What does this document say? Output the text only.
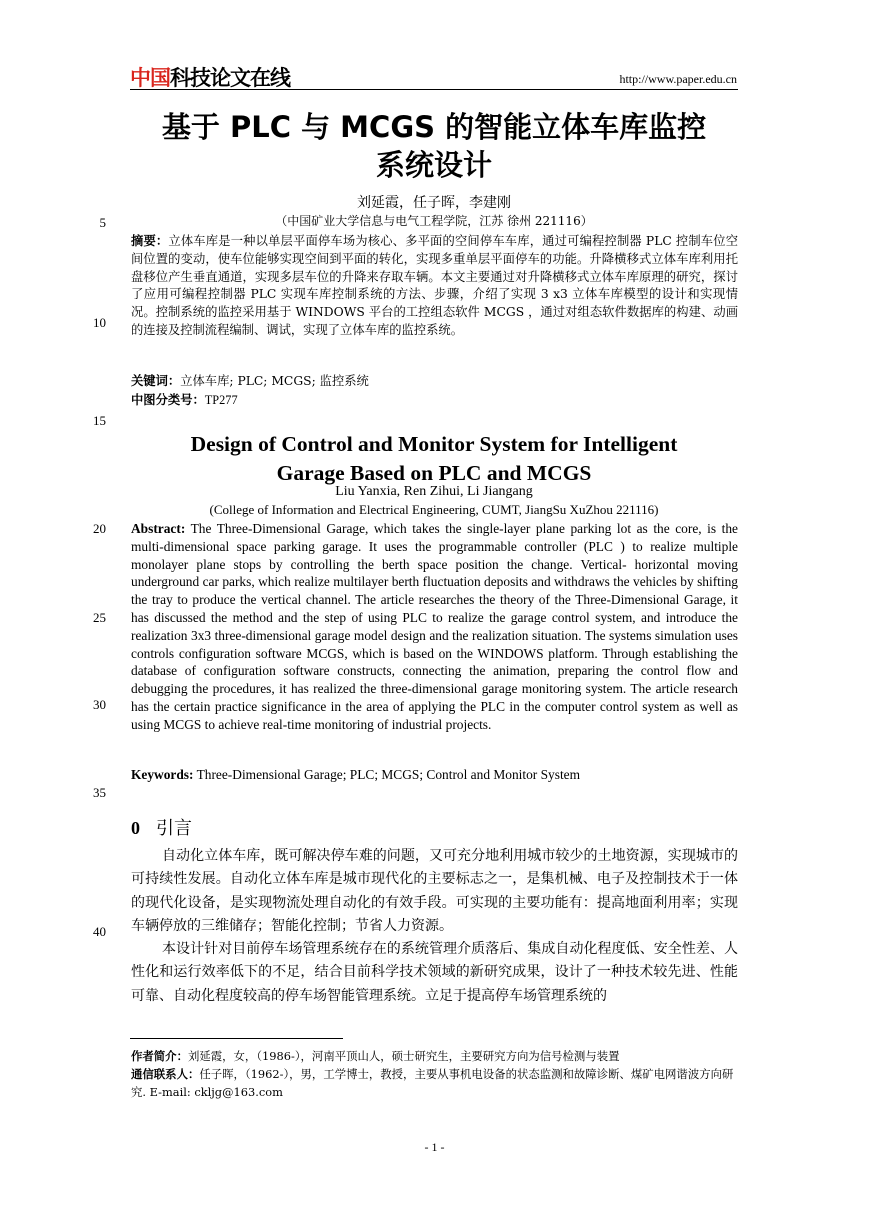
中国科技论文在线	http://www.paper.edu.cn
基于 PLC 与 MCGS 的智能立体车库监控
系统设计
刘延霞，任子晖，李建刚
（中国矿业大学信息与电气工程学院，江苏 徐州 221116）
摘要：立体车库是一种以单层平面停车场为核心、多平面的空间停车车库，通过可编程控制器 PLC 控制车位空间位置的变动，使车位能够实现空间到平面的转化，实现多重单层平面停车的功能。升降横移式立体车库利用托盘移位产生垂直通道，实现多层车位的升降来存取车辆。本文主要通过对升降横移式立体车库原理的研究，探讨了应用可编程控制器 PLC 实现车库控制系统的方法、步骤，介绍了实现 3 x3 立体车库模型的设计和实现情况。控制系统的监控采用基于 WINDOWS 平台的工控组态软件 MCGS ，通过对组态软件数据库的构建、动画的连接及控制流程编制、调试，实现了立体车库的监控系统。
关键词：立体车库; PLC; MCGS; 监控系统
中图分类号：TP277
Design of Control and Monitor System for Intelligent
Garage Based on PLC and MCGS
Liu Yanxia, Ren Zihui, Li Jiangang
(College of Information and Electrical Engineering, CUMT, JiangSu XuZhou 221116)
Abstract: The Three-Dimensional Garage, which takes the single-layer plane parking lot as the core, is the multi-dimensional space parking garage. It uses the programmable controller (PLC ) to realize multiple monolayer plane stops by controlling the berth space position the change. Vertical- horizontal moving underground car parks, which realize multilayer berth fluctuation deposits and withdraws the vehicles by shifting the tray to produce the vertical channel. The article researches the theory of the Three-Dimensional Garage, it has discussed the method and the step of using PLC to realize the garage control system, and introduce the realization 3x3 three-dimensional garage model design and the realization situation. The systems simulation uses controls configuration software MCGS, which is based on the WINDOWS platform. Through establishing the database of configuration software constructs, connecting the animation, preparing the control flow and debugging the procedures, it has realized the three-dimensional garage monitoring system. The article research has the certain practice significance in the area of applying the PLC in the computer control system as well as using MCGS to achieve real-time monitoring of industrial projects.
Keywords: Three-Dimensional Garage; PLC; MCGS; Control and Monitor System
5
10
15
20
25
30
35
40
0 引言
自动化立体车库，既可解决停车难的问题，又可充分地利用城市较少的土地资源，实现城市的可持续性发展。自动化立体车库是城市现代化的主要标志之一，是集机械、电子及控制技术于一体的现代化设备，是实现物流处理自动化的有效手段。可实现的主要功能有：提高地面利用率；实现车辆停放的三维储存；智能化控制；节省人力资源。
本设计针对目前停车场管理系统存在的系统管理介质落后、集成自动化程度低、安全性差、人性化和运行效率低下的不足，结合目前科学技术领域的新研究成果，设计了一种技术较先进、性能可靠、自动化程度较高的停车场智能管理系统。立足于提高停车场管理系统的
作者简介：刘延霞，女，（1986-），河南平顶山人，硕士研究生，主要研究方向为信号检测与装置
通信联系人：任子晖，（1962-），男，工学博士，教授，主要从事机电设备的状态监测和故障诊断、煤矿电网谐波方向研究. E-mail: ckljg@163.com
- 1 -
